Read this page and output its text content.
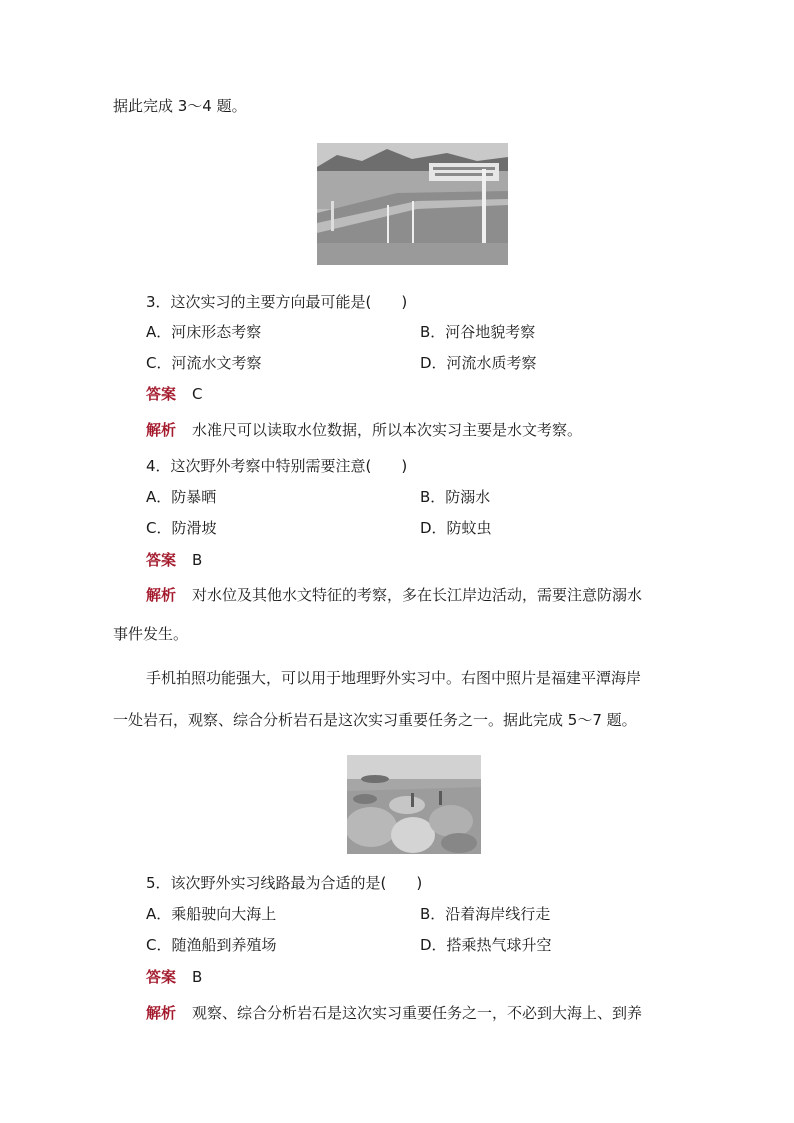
据此完成 3～4 题。
3．这次实习的主要方向最可能是(　　)
A．河床形态考察	B．河谷地貌考察
C．河流水文考察	D．河流水质考察
答案 C
解析 水准尺可以读取水位数据，所以本次实习主要是水文考察。
4．这次野外考察中特别需要注意(　　)
A．防暴晒	B．防溺水
C．防滑坡	D．防蚊虫
答案 B
解析 对水位及其他水文特征的考察，多在长江岸边活动，需要注意防溺水
事件发生。
手机拍照功能强大，可以用于地理野外实习中。右图中照片是福建平潭海岸
一处岩石，观察、综合分析岩石是这次实习重要任务之一。据此完成 5～7 题。
5．该次野外实习线路最为合适的是(　　)
A．乘船驶向大海上	B．沿着海岸线行走
C．随渔船到养殖场	D．搭乘热气球升空
答案 B
解析 观察、综合分析岩石是这次实习重要任务之一，不必到大海上、到养
